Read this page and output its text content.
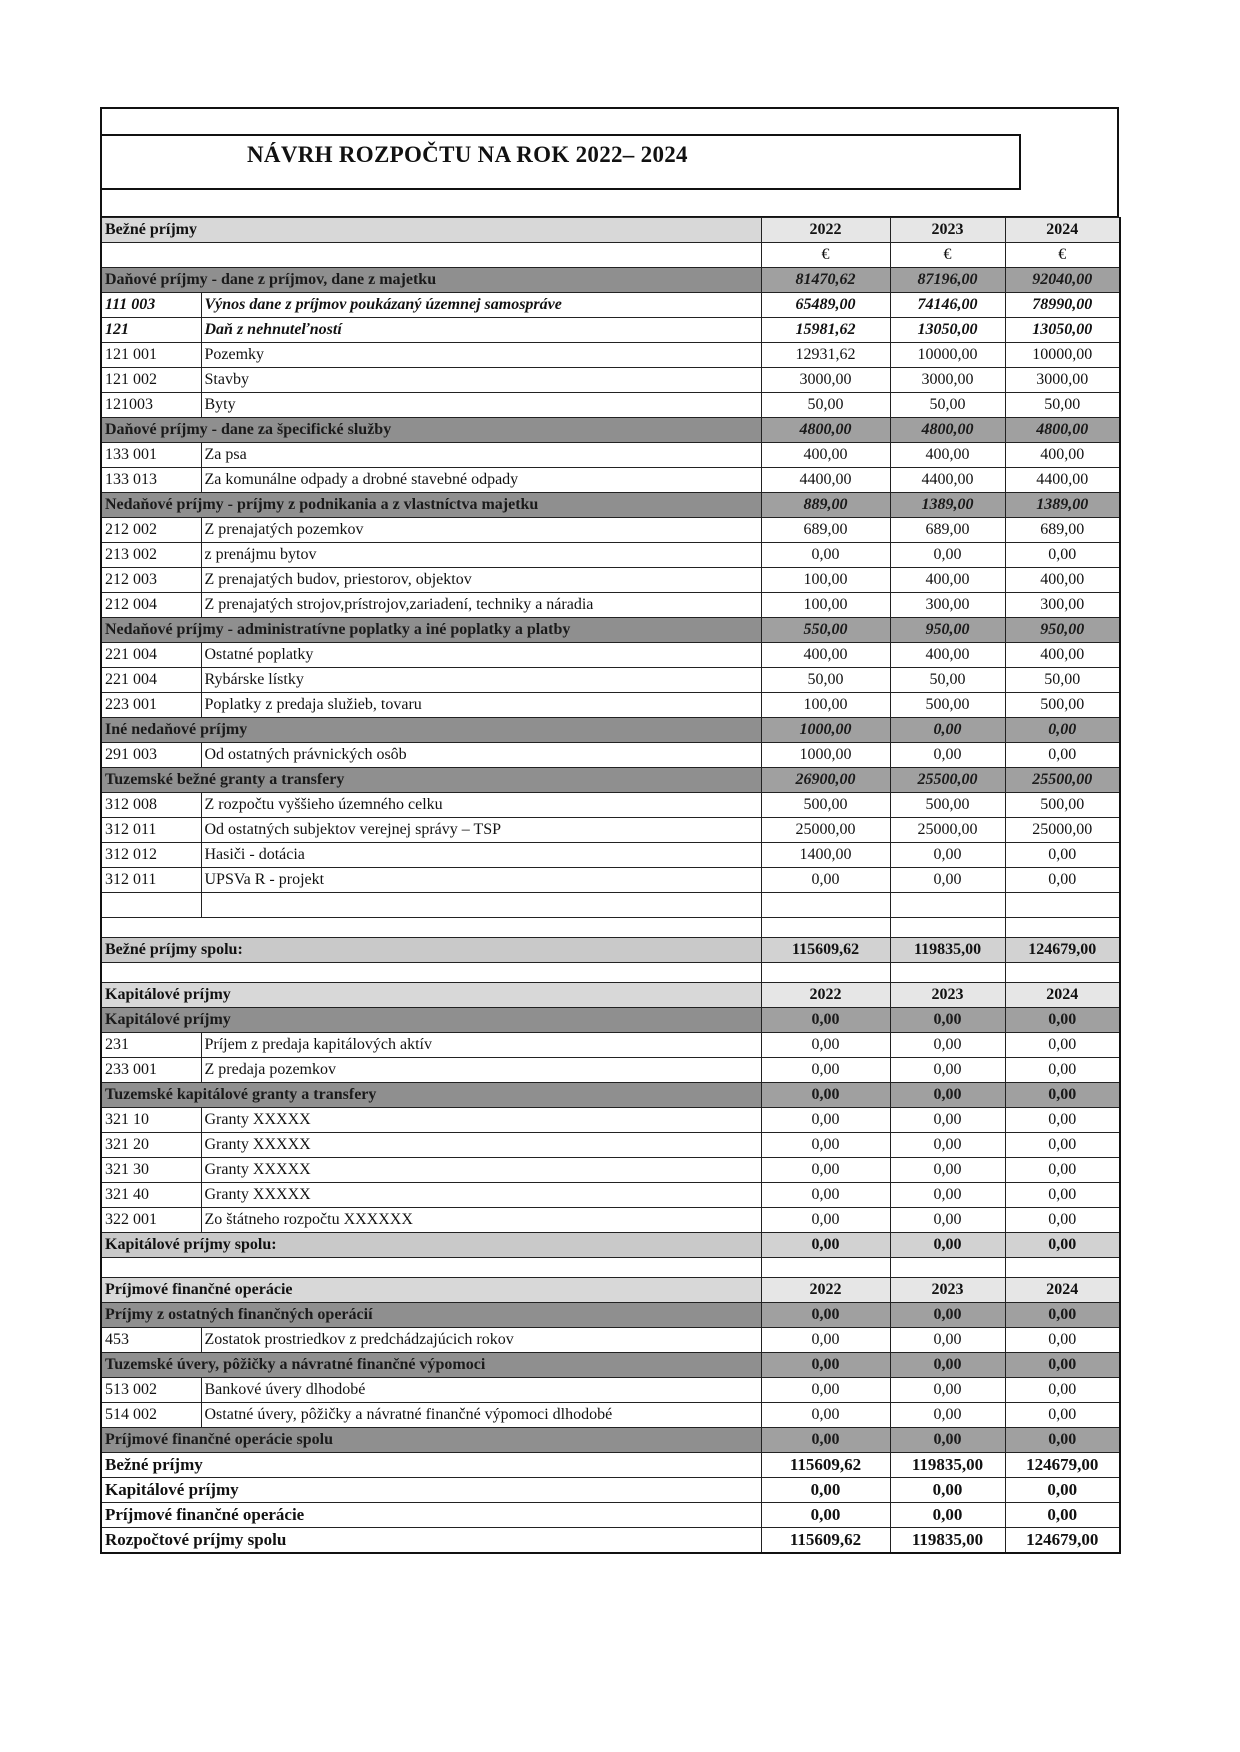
NÁVRH ROZPOČTU NA ROK 2022– 2024
Bežné príjmy		2022	2023	2024
		€	€	€
Daňové príjmy - dane z príjmov, dane z majetku		81470,62	87196,00	92040,00
111 003	Výnos dane z príjmov poukázaný územnej samospráve	65489,00	74146,00	78990,00
121	Daň z nehnuteľností	15981,62	13050,00	13050,00
121 001	Pozemky	12931,62	10000,00	10000,00
121 002	Stavby	3000,00	3000,00	3000,00
121003	Byty	50,00	50,00	50,00
Daňové príjmy - dane za špecifické služby		4800,00	4800,00	4800,00
133 001	Za psa	400,00	400,00	400,00
133 013	Za komunálne odpady a drobné stavebné odpady	4400,00	4400,00	4400,00
Nedaňové príjmy - príjmy z podnikania a z vlastníctva majetku		889,00	1389,00	1389,00
212 002	Z prenajatých pozemkov	689,00	689,00	689,00
213 002	z prenájmu bytov	0,00	0,00	0,00
212 003	Z prenajatých budov, priestorov, objektov	100,00	400,00	400,00
212 004	Z prenajatých strojov,prístrojov,zariadení, techniky a náradia	100,00	300,00	300,00
Nedaňové príjmy - administratívne poplatky a iné poplatky a platby		550,00	950,00	950,00
221 004	Ostatné poplatky	400,00	400,00	400,00
221 004	Rybárske lístky	50,00	50,00	50,00
223 001	Poplatky z predaja služieb, tovaru	100,00	500,00	500,00
Iné nedaňové príjmy		1000,00	0,00	0,00
291 003	Od ostatných právnických osôb	1000,00	0,00	0,00
Tuzemské bežné granty a transfery		26900,00	25500,00	25500,00
312 008	Z rozpočtu vyššieho územného celku	500,00	500,00	500,00
312 011	Od ostatných subjektov verejnej správy – TSP	25000,00	25000,00	25000,00
312 012	Hasiči - dotácia	1400,00	0,00	0,00
312 011	UPSVa R - projekt	0,00	0,00	0,00

Bežné príjmy spolu:		115609,62	119835,00	124679,00

Kapitálové príjmy		2022	2023	2024
Kapitálové príjmy		0,00	0,00	0,00
231	Príjem z predaja kapitálových aktív	0,00	0,00	0,00
233 001	Z predaja pozemkov	0,00	0,00	0,00
Tuzemské kapitálové granty a transfery		0,00	0,00	0,00
321 10	Granty XXXXX	0,00	0,00	0,00
321 20	Granty XXXXX	0,00	0,00	0,00
321 30	Granty XXXXX	0,00	0,00	0,00
321 40	Granty XXXXX	0,00	0,00	0,00
322 001	Zo štátneho rozpočtu XXXXXX	0,00	0,00	0,00
Kapitálové príjmy spolu:		0,00	0,00	0,00

Príjmové finančné operácie		2022	2023	2024
Príjmy z ostatných finančných operácií		0,00	0,00	0,00
453	Zostatok prostriedkov z predchádzajúcich rokov	0,00	0,00	0,00
Tuzemské úvery, pôžičky a návratné finančné výpomoci		0,00	0,00	0,00
513 002	Bankové úvery dlhodobé	0,00	0,00	0,00
514 002	Ostatné úvery, pôžičky a návratné finančné výpomoci dlhodobé	0,00	0,00	0,00
Príjmové finančné operácie spolu		0,00	0,00	0,00
Bežné príjmy		115609,62	119835,00	124679,00
Kapitálové príjmy		0,00	0,00	0,00
Príjmové finančné operácie		0,00	0,00	0,00
Rozpočtové príjmy spolu		115609,62	119835,00	124679,00
